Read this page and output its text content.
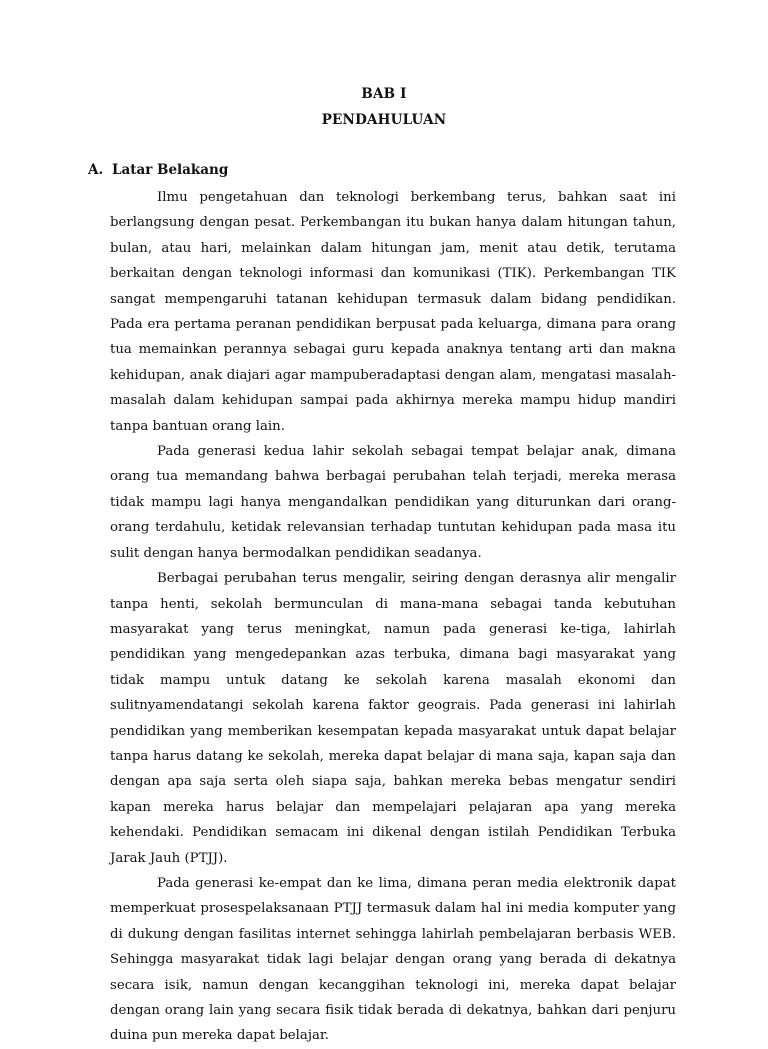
BAB I
PENDAHULUAN
A. Latar Belakang

Ilmu pengetahuan dan teknologi berkembang terus, bahkan saat ini berlangsung dengan pesat. Perkembangan itu bukan hanya dalam hitungan tahun, bulan, atau hari, melainkan dalam hitungan jam, menit atau detik, terutama berkaitan dengan teknologi informasi dan komunikasi (TIK). Perkembangan TIK sangat mempengaruhi tatanan kehidupan termasuk dalam bidang pendidikan. Pada era pertama peranan pendidikan berpusat pada keluarga, dimana para orang tua memainkan perannya sebagai guru kepada anaknya tentang arti dan makna kehidupan, anak diajari agar mampuberadaptasi dengan alam, mengatasi masalah-masalah dalam kehidupan sampai pada akhirnya mereka mampu hidup mandiri tanpa bantuan orang lain.

Pada generasi kedua lahir sekolah sebagai tempat belajar anak, dimana orang tua memandang bahwa berbagai perubahan telah terjadi, mereka merasa tidak mampu lagi hanya mengandalkan pendidikan yang diturunkan dari orang-orang terdahulu, ketidak relevansian terhadap tuntutan kehidupan pada masa itu sulit dengan hanya bermodalkan pendidikan seadanya.

Berbagai perubahan terus mengalir, seiring dengan derasnya alir mengalir tanpa henti, sekolah bermunculan di mana-mana sebagai tanda kebutuhan masyarakat yang terus meningkat, namun pada generasi ke-tiga, lahirlah pendidikan yang mengedepankan azas terbuka, dimana bagi masyarakat yang tidak mampu untuk datang ke sekolah karena masalah ekonomi dan sulitnyamendatangi sekolah karena faktor geograis. Pada generasi ini lahirlah pendidikan yang memberikan kesempatan kepada masyarakat untuk dapat belajar tanpa harus datang ke sekolah, mereka dapat belajar di mana saja, kapan saja dan dengan apa saja serta oleh siapa saja, bahkan mereka bebas mengatur sendiri kapan mereka harus belajar dan mempelajari pelajaran apa yang mereka kehendaki. Pendidikan semacam ini dikenal dengan istilah Pendidikan Terbuka Jarak Jauh (PTJJ).

Pada generasi ke-empat dan ke lima, dimana peran media elektronik dapat memperkuat prosespelaksanaan PTJJ termasuk dalam hal ini media komputer yang di dukung dengan fasilitas internet sehingga lahirlah pembelajaran berbasis WEB. Sehingga masyarakat tidak lagi belajar dengan orang yang berada di dekatnya secara isik, namun dengan kecanggihan teknologi ini, mereka dapat belajar dengan orang lain yang secara fisik tidak berada di dekatnya, bahkan dari penjuru duina pun mereka dapat belajar.
